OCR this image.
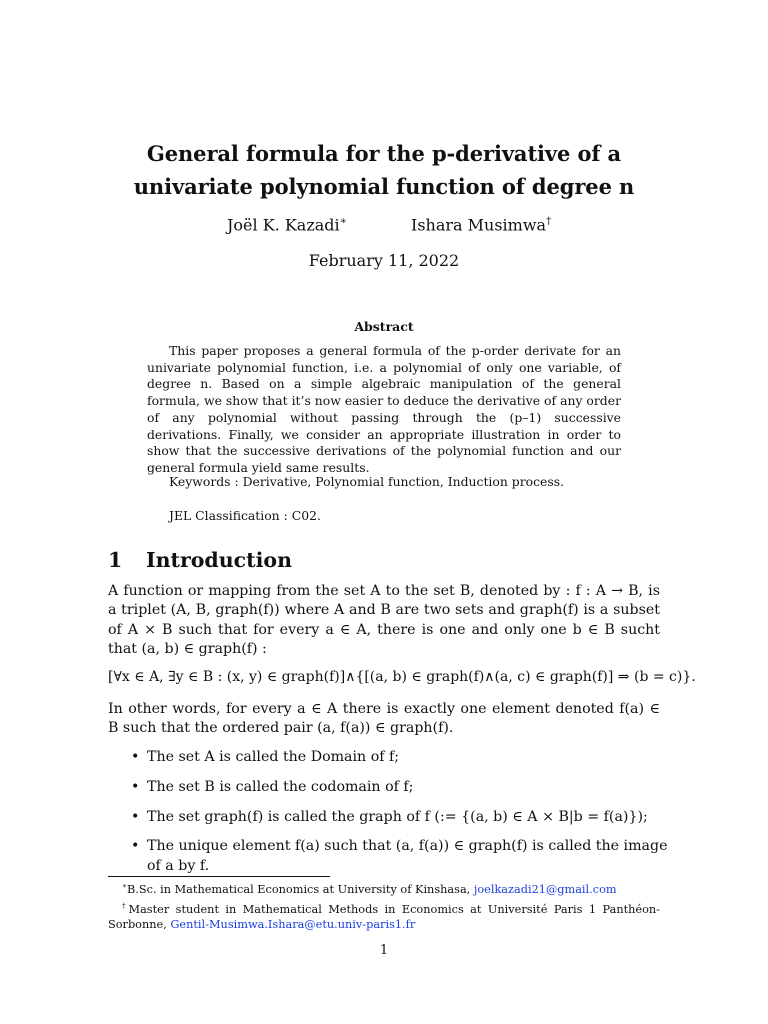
General formula for the p-derivative of a
univariate polynomial function of degree n
Joël K. Kazadi∗	Ishara Musimwa†
February 11, 2022
Abstract

This paper proposes a general formula of the p-order derivate for an univariate polynomial function, i.e. a polynomial of only one variable, of degree n. Based on a simple algebraic manipulation of the general formula, we show that it’s now easier to deduce the derivative of any order of any polynomial without passing through the (p–1) successive derivations. Finally, we consider an appropriate illustration in order to show that the successive derivations of the polynomial function and our general formula yield same results.

Keywords : Derivative, Polynomial function, Induction process.
JEL Classification : C02.
1 Introduction
A function or mapping from the set A to the set B, denoted by : f : A → B, is a triplet (A, B, graph(f)) where A and B are two sets and graph(f) is a subset of A × B such that for every a ∈ A, there is one and only one b ∈ B sucht that (a, b) ∈ graph(f) :
[∀x ∈ A, ∃y ∈ B : (x, y) ∈ graph(f)]∧{[(a, b) ∈ graph(f)∧(a, c) ∈ graph(f)] ⇒ (b = c)}.
In other words, for every a ∈ A there is exactly one element denoted f(a) ∈ B such that the ordered pair (a, f(a)) ∈ graph(f).
• The set A is called the Domain of f;
• The set B is called the codomain of f;
• The set graph(f) is called the graph of f (:= {(a, b) ∈ A × B|b = f(a)});
• The unique element f(a) such that (a, f(a)) ∈ graph(f) is called the image of a by f.

∗B.Sc. in Mathematical Economics at University of Kinshasa, joelkazadi21@gmail.com

†Master student in Mathematical Methods in Economics at Université Paris 1 Panthéon-Sorbonne, Gentil-Musimwa.Ishara@etu.univ-paris1.fr

1
